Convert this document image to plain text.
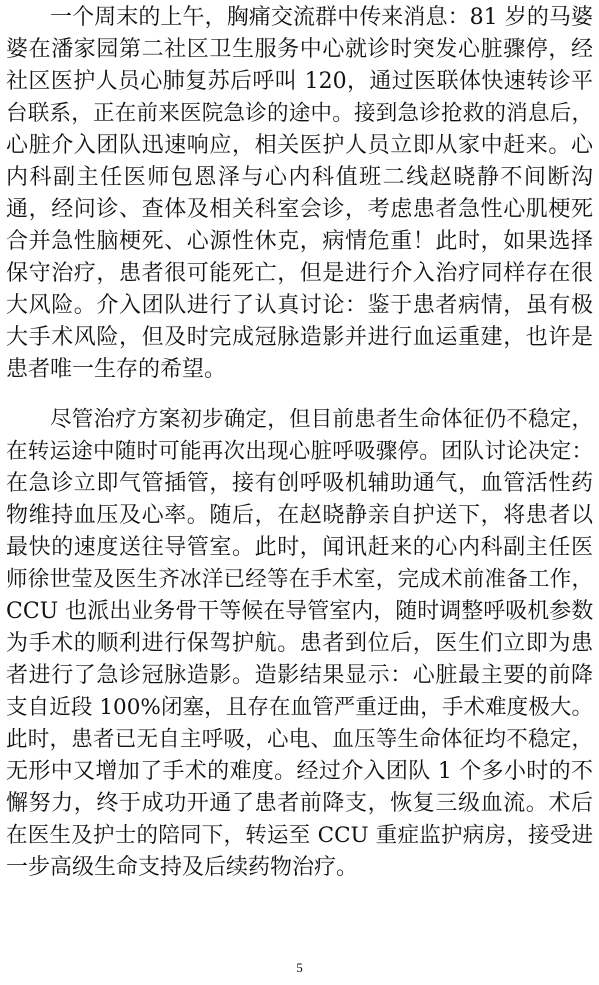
一个周末的上午，胸痛交流群中传来消息：81 岁的马婆
婆在潘家园第二社区卫生服务中心就诊时突发心脏骤停，经
社区医护人员心肺复苏后呼叫 120，通过医联体快速转诊平
台联系，正在前来医院急诊的途中。接到急诊抢救的消息后，
心脏介入团队迅速响应，相关医护人员立即从家中赶来。心
内科副主任医师包恩泽与心内科值班二线赵晓静不间断沟
通，经问诊、查体及相关科室会诊，考虑患者急性心肌梗死
合并急性脑梗死、心源性休克，病情危重！此时，如果选择
保守治疗，患者很可能死亡，但是进行介入治疗同样存在很
大风险。介入团队进行了认真讨论：鉴于患者病情，虽有极
大手术风险，但及时完成冠脉造影并进行血运重建，也许是
患者唯一生存的希望。
尽管治疗方案初步确定，但目前患者生命体征仍不稳定，
在转运途中随时可能再次出现心脏呼吸骤停。团队讨论决定：
在急诊立即气管插管，接有创呼吸机辅助通气，血管活性药
物维持血压及心率。随后，在赵晓静亲自护送下，将患者以
最快的速度送往导管室。此时，闻讯赶来的心内科副主任医
师徐世莹及医生齐冰洋已经等在手术室，完成术前准备工作，
CCU 也派出业务骨干等候在导管室内，随时调整呼吸机参数
为手术的顺利进行保驾护航。患者到位后，医生们立即为患
者进行了急诊冠脉造影。造影结果显示：心脏最主要的前降
支自近段 100%闭塞，且存在血管严重迂曲，手术难度极大。
此时，患者已无自主呼吸，心电、血压等生命体征均不稳定，
无形中又增加了手术的难度。经过介入团队 1 个多小时的不
懈努力，终于成功开通了患者前降支，恢复三级血流。术后
在医生及护士的陪同下，转运至 CCU 重症监护病房，接受进
一步高级生命支持及后续药物治疗。
5
